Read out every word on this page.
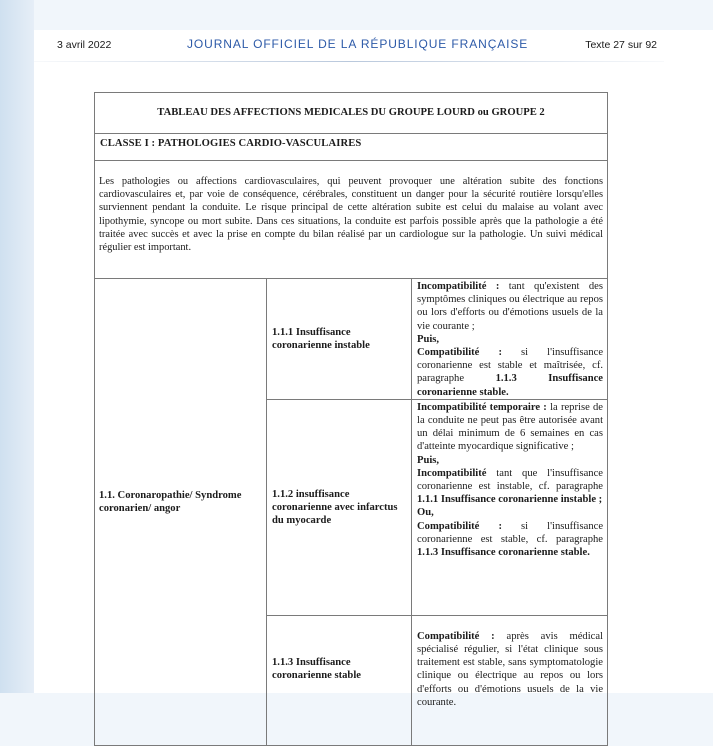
3 avril 2022	JOURNAL OFFICIEL DE LA RÉPUBLIQUE FRANÇAISE	Texte 27 sur 92
TABLEAU DES AFFECTIONS MEDICALES DU GROUPE LOURD ou GROUPE 2		
CLASSE I : PATHOLOGIES CARDIO-VASCULAIRES		
Les pathologies ou affections cardiovasculaires, qui peuvent provoquer une altération subite des fonctions cardiovasculaires et, par voie de conséquence, cérébrales, constituent un danger pour la sécurité routière lorsqu'elles surviennent pendant la conduite. Le risque principal de cette altération subite est celui du malaise au volant avec lipothymie, syncope ou mort subite. Dans ces situations, la conduite est parfois possible après que la pathologie a été traitée avec succès et avec la prise en compte du bilan réalisé par un cardiologue sur la pathologie. Un suivi médical régulier est important.		
1.1. Coronaropathie/ Syndrome coronarien/ angor	1.1.1 Insuffisance coronarienne instable	Incompatibilité : tant qu'existent des symptômes cliniques ou électrique au repos ou lors d'efforts ou d'émotions usuels de la vie courante ;
Puis,
Compatibilité : si l'insuffisance coronarienne est stable et maîtrisée, cf. paragraphe 1.1.3 Insuffisance coronarienne stable.
	1.1.2 insuffisance coronarienne avec infarctus du myocarde	Incompatibilité temporaire : la reprise de la conduite ne peut pas être autorisée avant un délai minimum de 6 semaines en cas d'atteinte myocardique significative ;
Puis,
Incompatibilité tant que l'insuffisance coronarienne est instable, cf. paragraphe 1.1.1 Insuffisance coronarienne instable ;
Ou,
Compatibilité : si l'insuffisance coronarienne est stable, cf. paragraphe 1.1.3 Insuffisance coronarienne stable.
	1.1.3 Insuffisance coronarienne stable	Compatibilité : après avis médical spécialisé régulier, si l'état clinique sous traitement est stable, sans symptomatologie clinique ou électrique au repos ou lors d'efforts ou d'émotions usuels de la vie courante.
